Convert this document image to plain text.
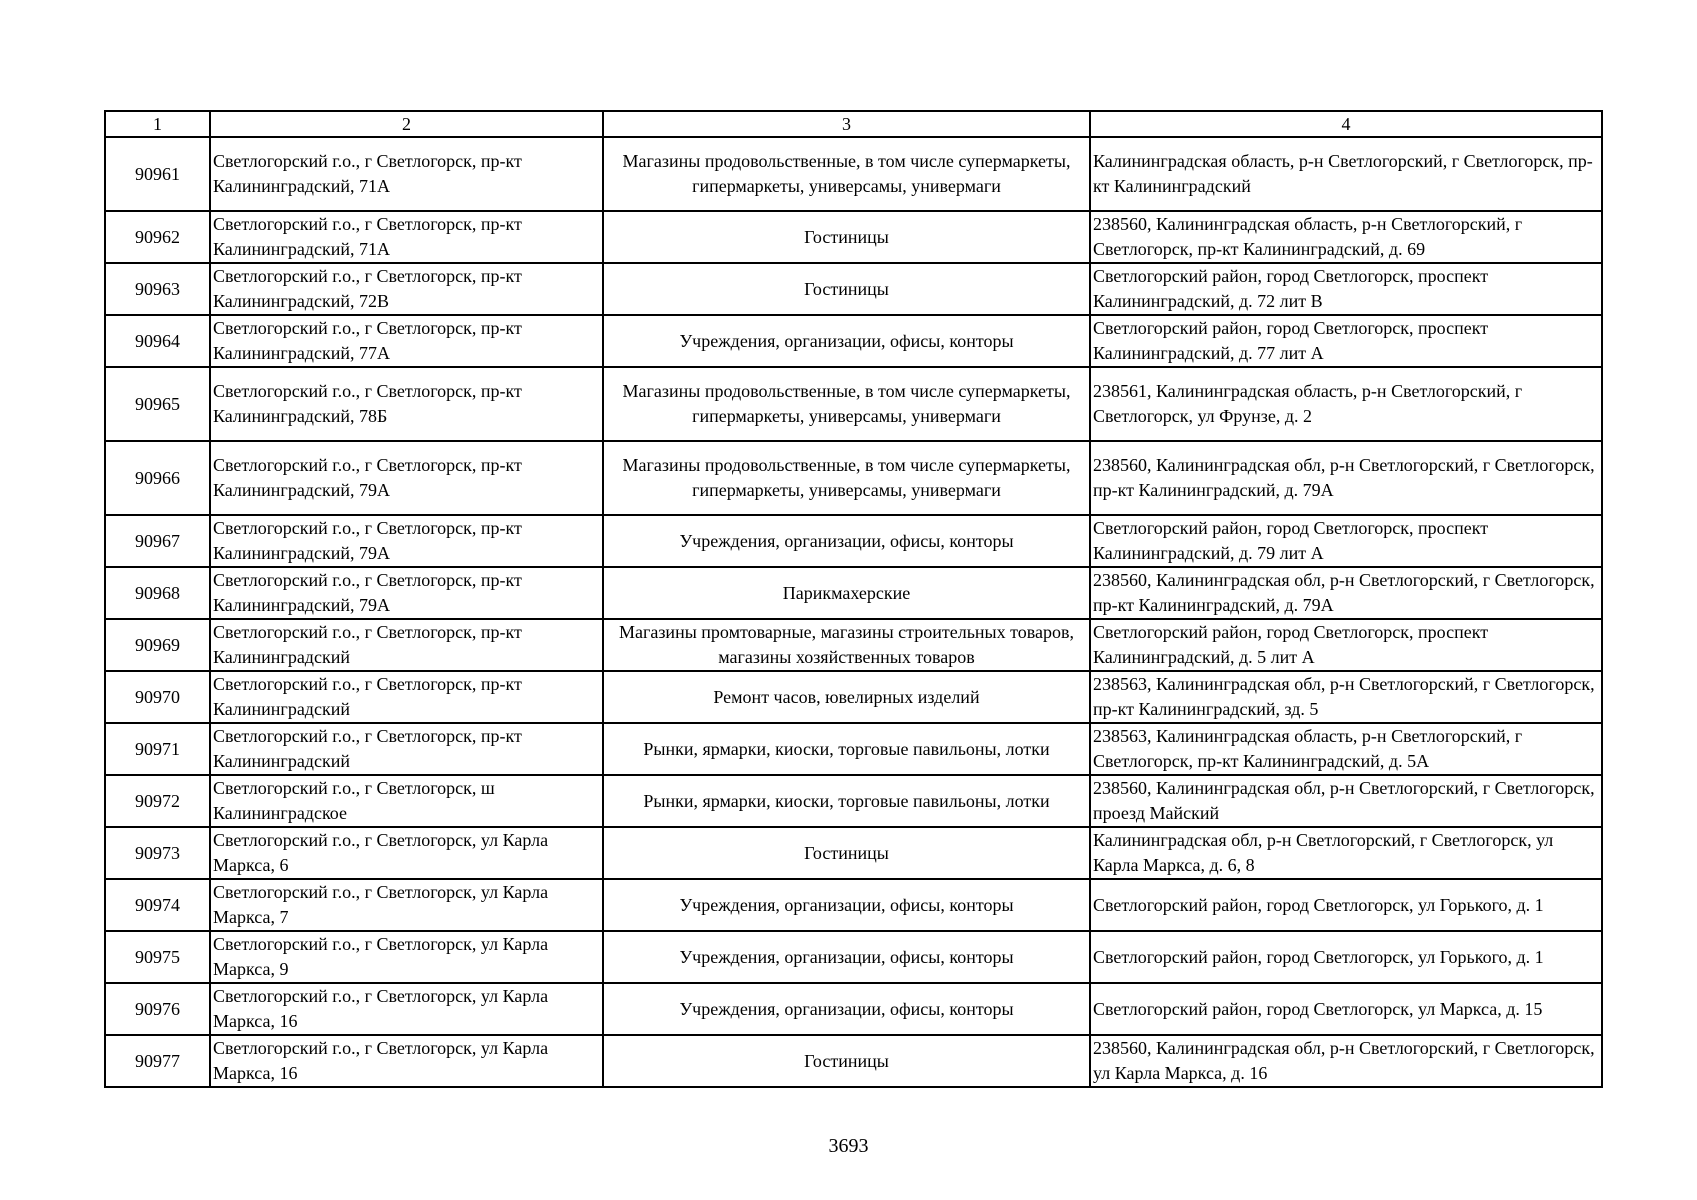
1	2	3	4
90961	Светлогорский г.о., г Светлогорск, пр-кт Калининградский, 71А	Магазины продовольственные, в том числе супермаркеты, гипермаркеты, универсамы, универмаги	Калининградская область, р-н Светлогорский, г Светлогорск, пр-кт Калининградский
90962	Светлогорский г.о., г Светлогорск, пр-кт Калининградский, 71А	Гостиницы	238560, Калининградская область, р-н Светлогорский, г Светлогорск, пр-кт Калининградский, д. 69
90963	Светлогорский г.о., г Светлогорск, пр-кт Калининградский, 72В	Гостиницы	Светлогорский район, город Светлогорск, проспект Калининградский, д. 72 лит В
90964	Светлогорский г.о., г Светлогорск, пр-кт Калининградский, 77А	Учреждения, организации, офисы, конторы	Светлогорский район, город Светлогорск, проспект Калининградский, д. 77 лит А
90965	Светлогорский г.о., г Светлогорск, пр-кт Калининградский, 78Б	Магазины продовольственные, в том числе супермаркеты, гипермаркеты, универсамы, универмаги	238561, Калининградская область, р-н Светлогорский, г Светлогорск, ул Фрунзе, д. 2
90966	Светлогорский г.о., г Светлогорск, пр-кт Калининградский, 79А	Магазины продовольственные, в том числе супермаркеты, гипермаркеты, универсамы, универмаги	238560, Калининградская обл, р-н Светлогорский, г Светлогорск, пр-кт Калининградский, д. 79А
90967	Светлогорский г.о., г Светлогорск, пр-кт Калининградский, 79А	Учреждения, организации, офисы, конторы	Светлогорский район, город Светлогорск, проспект Калининградский, д. 79 лит А
90968	Светлогорский г.о., г Светлогорск, пр-кт Калининградский, 79А	Парикмахерские	238560, Калининградская обл, р-н Светлогорский, г Светлогорск, пр-кт Калининградский, д. 79А
90969	Светлогорский г.о., г Светлогорск, пр-кт Калининградский	Магазины промтоварные, магазины строительных товаров, магазины хозяйственных товаров	Светлогорский район, город Светлогорск, проспект Калининградский, д. 5 лит А
90970	Светлогорский г.о., г Светлогорск, пр-кт Калининградский	Ремонт часов, ювелирных изделий	238563, Калининградская обл, р-н Светлогорский, г Светлогорск, пр-кт Калининградский, зд. 5
90971	Светлогорский г.о., г Светлогорск, пр-кт Калининградский	Рынки, ярмарки, киоски, торговые павильоны, лотки	238563, Калининградская область, р-н Светлогорский, г Светлогорск, пр-кт Калининградский, д. 5А
90972	Светлогорский г.о., г Светлогорск, ш Калининградское	Рынки, ярмарки, киоски, торговые павильоны, лотки	238560, Калининградская обл, р-н Светлогорский, г Светлогорск, проезд Майский
90973	Светлогорский г.о., г Светлогорск, ул Карла Маркса, 6	Гостиницы	Калининградская обл, р-н Светлогорский, г Светлогорск, ул Карла Маркса, д. 6, 8
90974	Светлогорский г.о., г Светлогорск, ул Карла Маркса, 7	Учреждения, организации, офисы, конторы	Светлогорский район, город Светлогорск, ул Горького, д. 1
90975	Светлогорский г.о., г Светлогорск, ул Карла Маркса, 9	Учреждения, организации, офисы, конторы	Светлогорский район, город Светлогорск, ул Горького, д. 1
90976	Светлогорский г.о., г Светлогорск, ул Карла Маркса, 16	Учреждения, организации, офисы, конторы	Светлогорский район, город Светлогорск, ул Маркса, д. 15
90977	Светлогорский г.о., г Светлогорск, ул Карла Маркса, 16	Гостиницы	238560, Калининградская обл, р-н Светлогорский, г Светлогорск, ул Карла Маркса, д. 16
3693
